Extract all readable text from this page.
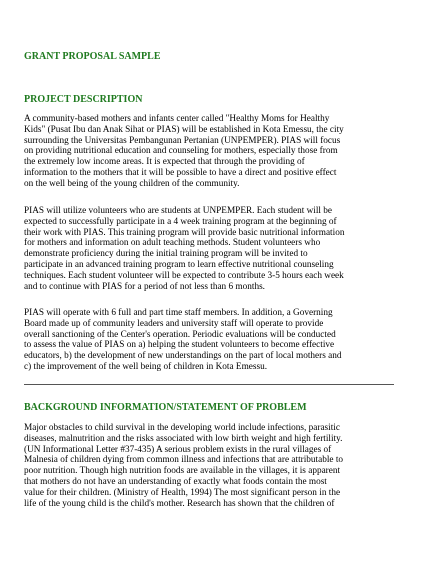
GRANT PROPOSAL SAMPLE
PROJECT DESCRIPTION

A community-based mothers and infants center called "Healthy Moms for Healthy
Kids" (Pusat Ibu dan Anak Sihat or PIAS) will be established in Kota Emessu, the city
surrounding the Universitas Pembangunan Pertanian (UNPEMPER). PIAS will focus
on providing nutritional education and counseling for mothers, especially those from
the extremely low income areas. It is expected that through the providing of
information to the mothers that it will be possible to have a direct and positive effect
on the well being of the young children of the community.

PIAS will utilize volunteers who are students at UNPEMPER. Each student will be
expected to successfully participate in a 4 week training program at the beginning of
their work with PIAS. This training program will provide basic nutritional information
for mothers and information on adult teaching methods. Student volunteers who
demonstrate proficiency during the initial training program will be invited to
participate in an advanced training program to learn effective nutritional counseling
techniques. Each student volunteer will be expected to contribute 3-5 hours each week
and to continue with PIAS for a period of not less than 6 months.

PIAS will operate with 6 full and part time staff members. In addition, a Governing
Board made up of community leaders and university staff will operate to provide
overall sanctioning of the Center's operation. Periodic evaluations will be conducted
to assess the value of PIAS on a) helping the student volunteers to become effective
educators, b) the development of new understandings on the part of local mothers and
c) the improvement of the well being of children in Kota Emessu.

BACKGROUND INFORMATION/STATEMENT OF PROBLEM

Major obstacles to child survival in the developing world include infections, parasitic
diseases, malnutrition and the risks associated with low birth weight and high fertility.
(UN Informational Letter #37-435) A serious problem exists in the rural villages of
Malnesia of children dying from common illness and infections that are attributable to
poor nutrition. Though high nutrition foods are available in the villages, it is apparent
that mothers do not have an understanding of exactly what foods contain the most
value for their children. (Ministry of Health, 1994) The most significant person in the
life of the young child is the child's mother. Research has shown that the children of
